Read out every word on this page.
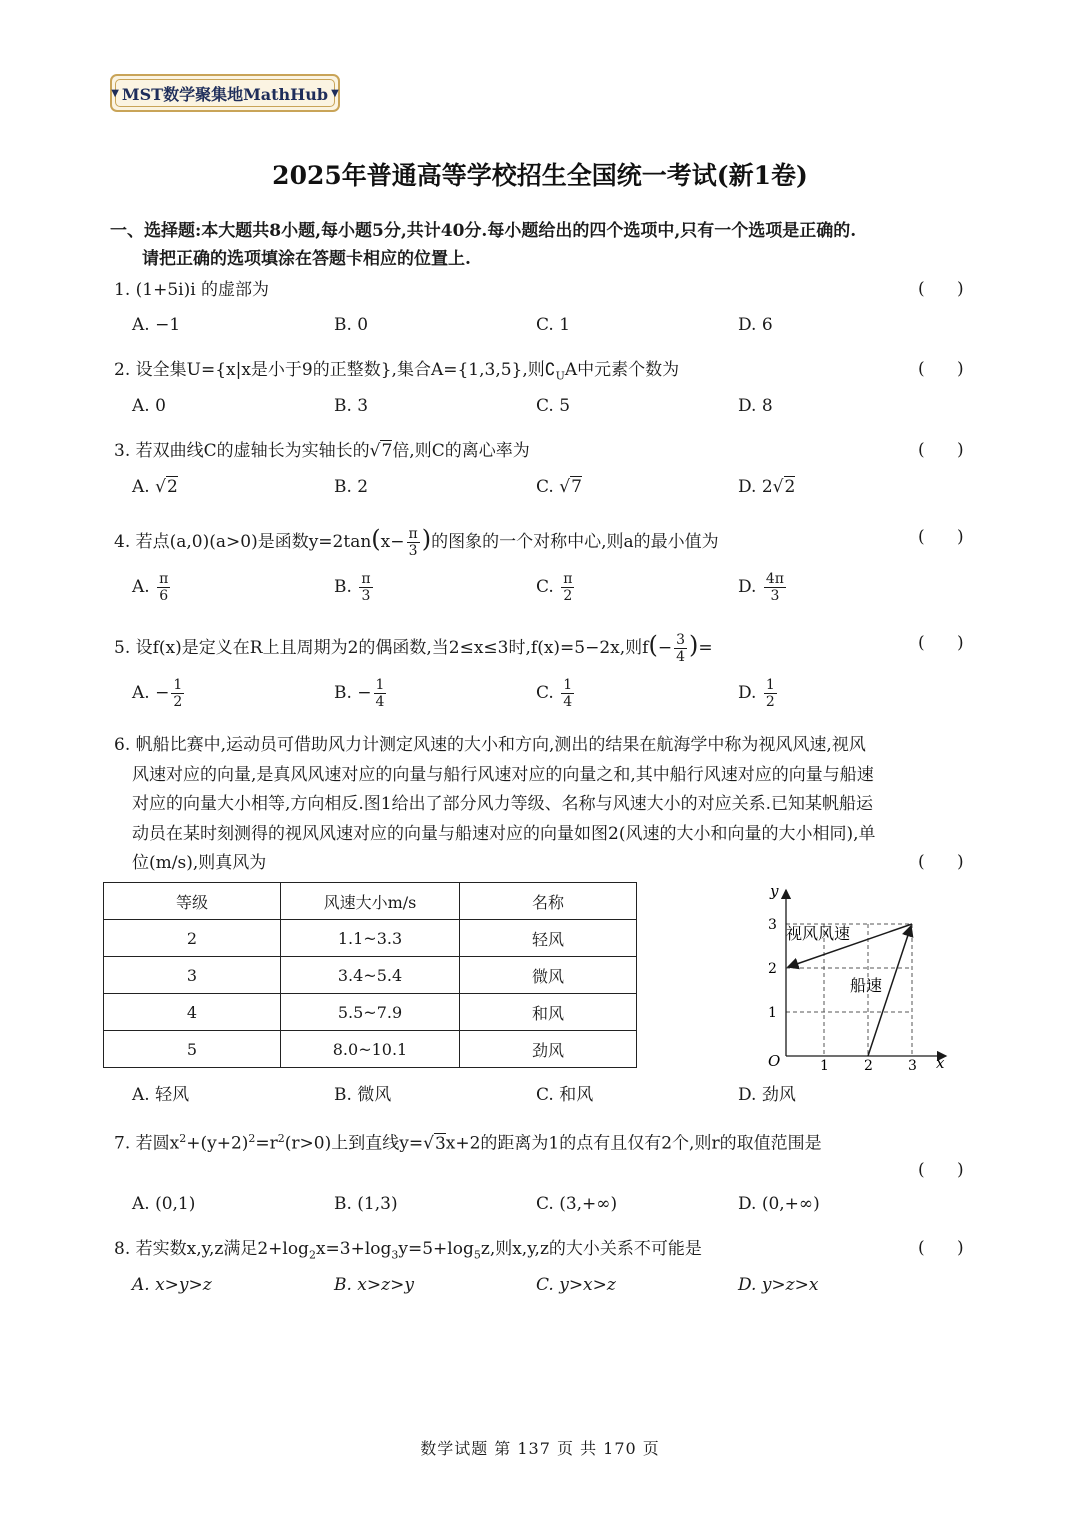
▼ MST数学聚集地MathHub ▼
2025年普通高等学校招生全国统一考试(新1卷)
一、选择题:本大题共8小题,每小题5分,共计40分.每小题给出的四个选项中,只有一个选项是正确的.
请把正确的选项填涂在答题卡相应的位置上.
1. (1+5i)i 的虚部为	(      )
A. −1	B. 0	C. 1	D. 6
2. 设全集U={x|x是小于9的正整数},集合A={1,3,5},则$∁_UA$中元素个数为	(      )
A. 0	B. 3	C. 5	D. 8
3. 若双曲线C的虚轴长为实轴长的√7倍,则C的离心率为	(      )
A. √2	B. 2	C. √7	D. 2√2
4. 若点(a,0)(a>0)是函数$y=2\tan(x- \frac{\pi}{3}$ )的图象的一个对称中心,则a的最小值为	(      )
A. $\frac{\pi}{6}$	B. $\frac{\pi}{3}$	C. $\frac{\pi}{2}$	D. $\frac{4\pi}{3}$
5. 设f(x)是定义在R上且周期为2的偶函数,当2≤x≤3时,f(x)=5−2x,则$f(- \frac{3}{4}$ )=	(      )
A. − $\frac{1}{2}$	B. − $\frac{1}{4}$	C. $\frac{1}{4}$	D. $\frac{1}{2}$
6. 帆船比赛中,运动员可借助风力计测定风速的大小和方向,测出的结果在航海学中称为视风风速,视风
风速对应的向量,是真风风速对应的向量与船行风速对应的向量之和,其中船行风速对应的向量与船速
对应的向量大小相等,方向相反.图1给出了部分风力等级、名称与风速大小的对应关系.已知某帆船运
动员在某时刻测得的视风风速对应的向量与船速对应的向量如图2(风速的大小和向量的大小相同),单
位(m/s),则真风为	(      )
等级	风速大小m/s	名称
2	1.1~3.3	轻风
3	3.4~5.4	微风
4	5.5~7.9	和风
5	8.0~10.1	劲风
y
x
O	1	2	3
1
2
3 视风风速
船速
A. 轻风	B. 微风	C. 和风	D. 劲风
7. 若圆$x^2+(y+2)^2=r^2(r>0)$上到直线y=√3x+2的距离为1的点有且仅有2个,则r的取值范围是
(      )
A. (0,1)	B. (1,3)	C. (3,+∞)	D. (0,+∞)
8. 若实数x,y,z满足$2+\log_2x=3+\log_3y=5+\log_5z$,则x,y,z的大小关系不可能是	(      )
A. x>y>z	B. x>z>y	C. y>x>z	D. y>z>x
数学试题 第 137 页 共 170 页
